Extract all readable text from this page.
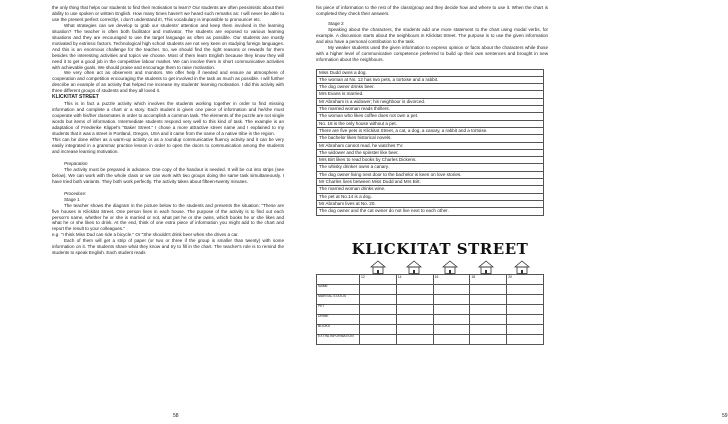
the only thing that helps our students to find their motivation to learn? Our students are often pessimistic about their ability to use spoken or written English. How many times haven't we heard such remarks as: I will never be able to use the present perfect correctly!, I don't understand it!, This vocabulary is impossible to pronounce! etc.

What strategies can we develop to grab our students' attention and keep them involved in the learning situation? The teacher is often both facilitator and motivator. The students are exposed to various learning situations and they are encouraged to use the target language as often as possible. Our students are mostly motivated by extrinsic factors. Technological high school students are not very keen on studying foreign languages. And this is an enormous challenge for the teacher. So, we should find the right reasons or rewards for them besides the interesting activities and topics we choose. Most of them learn English because they know they will need it to get a good job in the competitive labour market. We can involve them in short communicative activities with achievable goals. We should praise and encourage them to raise motivation.

We very often act as observers and monitors. We offer help if needed and ensure an atmosphere of cooperation and competition encouraging the students to get involved in the task as much as possible. I will further describe an example of an activity that helped me increase my students' learning motivation. I did this activity with three different groups of students and they all loved it.

KLICKITAT STREET

This is in fact a puzzle activity which involves the students working together in order to find missing information and complete a chart or a story. Each student is given one piece of information and he/she must cooperate with his/her classmates in order to accomplish a common task. The elements of the puzzle are not single words but items of information. Intermediate students respond very well to this kind of task. The example is an adaptation of Friederike Klippel's "Baker Street." I chose a more attractive street name and I explained to my students that it was a street in Portland, Oregon, USA and it came from the name of a native tribe in the region.

This can be done either as a warm-up activity or as a roundup communicative fluency activity and it can be very easily integrated in a grammar practice lesson in order to open the doors to communication among the students and increase learning motivation.

Preparation

The activity must be prepared in advance. One copy of the handout is needed. It will be cut into strips (see below). We can work with the whole class or we can work with two groups doing the same task simultaneously. I have tried both variants. They both work perfectly. The activity takes about fifteen-twenty minutes.

Procedure:

Stage 1

The teacher shows the diagram in the picture below to the students and presents the situation: "These are five houses in Klickitat Street. One person lives in each house. The purpose of the activity is to find out each person's name, whether he or she is married or not, what pet he or she owns, which books he or she likes and what he or she likes to drink. At the end, think of one extra piece of information you might add to the chart and report the result to your colleagues."

e.g. "I think Miss Dud can ride a bicycle." Or "She shouldn't drink beer when she drives a car.

Each of them will get a strip of paper (or two or three if the group is smaller than twenty) with some information on it. The students share what they know and try to fill in the chart. The teacher's role is to remind the students to speak English. Each student reads

58

his piece of information to the rest of the class/group and they decide how and where to use it. When the chart is completed they check their answers.

Stage 2

Speaking about the characters, the students add one more statement to the chart using modal verbs, for example. A discussion starts about the neighbours in Klickitat Street. The purpose is to use the given information and also have a personal contribution to the task.

My weaker students used the given information to express opinion or facts about the characters while those with a higher level of communicative competence preferred to build up their own sentences and brought in new information about the neighbours.

Miss Dudd owns a dog.
The woman at No. 12 has two pets, a tortoise and a rabbit.
The dog owner drinks beer.
Mrs Evans is married.
Mr Abraham is a widower; his neighbour is divorced.
The married woman reads thrillers.
The woman who likes coffee does not own a pet.
No. 18 is the only house without a pet.
There are five pets in Klickitat Street, a cat, a dog, a canary, a rabbit and a tortoise.
The bachelor likes historical novels.
Mr Abraham cannot read, he watches TV.
The widower and the spinster like beer.
Mrs Birt likes to read books by Charles Dickens.
The whisky drinker owns a canary.
The dog owner living next door to the bachelor is keen on love stories.
Mr Charles lives between Miss Dudd and Mrs Birt.
The married woman drinks wine.
The pet at No.14 is a dog.
Mr Abraham lives at No. 20.
The dog owner and the cat owner do not live next to each other.
KLICKITAT STREET
	12	14	16	18	20
NAME					
MARITAL STATUS					
PET					
DRINK					
BOOKS					
EXTRA INFORMATION					
59
